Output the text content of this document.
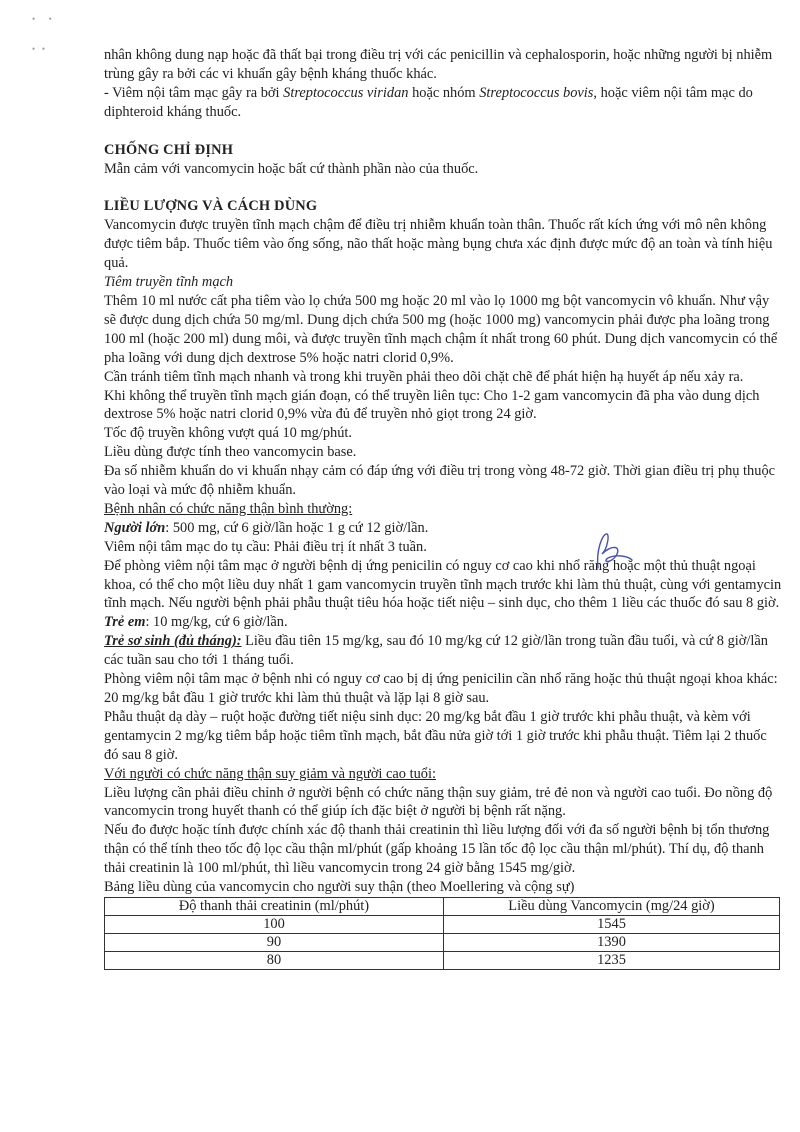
•      •
•   •	nhân không dung nạp hoặc đã thất bại trong điều trị với các penicillin và cephalosporin, hoặc những người bị nhiễm trùng gây ra bởi các vi khuẩn gây bệnh kháng thuốc khác.

- Viêm nội tâm mạc gây ra bởi Streptococcus viridan hoặc nhóm Streptococcus bovis, hoặc viêm nội tâm mạc do diphteroid kháng thuốc.

CHỐNG CHỈ ĐỊNH

Mẫn cảm với vancomycin hoặc bất cứ thành phần nào của thuốc.

LIỀU LƯỢNG VÀ CÁCH DÙNG

Vancomycin được truyền tĩnh mạch chậm để điều trị nhiễm khuẩn toàn thân. Thuốc rất kích ứng với mô nên không được tiêm bắp. Thuốc tiêm vào ống sống, não thất hoặc màng bụng chưa xác định được mức độ an toàn và tính hiệu quả.

Tiêm truyền tĩnh mạch

Thêm 10 ml nước cất pha tiêm vào lọ chứa 500 mg hoặc 20 ml vào lọ 1000 mg bột vancomycin vô khuẩn. Như vậy sẽ được dung dịch chứa 50 mg/ml. Dung dịch chứa 500 mg (hoặc 1000 mg) vancomycin phải được pha loãng trong 100 ml (hoặc 200 ml) dung môi, và được truyền tĩnh mạch chậm ít nhất trong 60 phút. Dung dịch vancomycin có thể pha loãng với dung dịch dextrose 5% hoặc natri clorid 0,9%.

Cần tránh tiêm tĩnh mạch nhanh và trong khi truyền phải theo dõi chặt chẽ để phát hiện hạ huyết áp nếu xảy ra.

Khi không thể truyền tĩnh mạch gián đoạn, có thể truyền liên tục: Cho 1-2 gam vancomycin đã pha vào dung dịch dextrose 5% hoặc natri clorid 0,9% vừa đủ để truyền nhỏ giọt trong 24 giờ.

Tốc độ truyền không vượt quá 10 mg/phút.

Liều dùng được tính theo vancomycin base.

Đa số nhiễm khuẩn do vi khuẩn nhạy cảm có đáp ứng với điều trị trong vòng 48-72 giờ. Thời gian điều trị phụ thuộc vào loại và mức độ nhiễm khuẩn.

Bệnh nhân có chức năng thận bình thường:

Người lớn: 500 mg, cứ 6 giờ/lần hoặc 1 g cứ 12 giờ/lần.

Viêm nội tâm mạc do tụ cầu: Phải điều trị ít nhất 3 tuần.

Để phòng viêm nội tâm mạc ở người bệnh dị ứng penicilin có nguy cơ cao khi nhổ răng hoặc một thủ thuật ngoại khoa, có thể cho một liều duy nhất 1 gam vancomycin truyền tĩnh mạch trước khi làm thủ thuật, cùng với gentamycin tĩnh mạch. Nếu người bệnh phải phẫu thuật tiêu hóa hoặc tiết niệu – sinh dục, cho thêm 1 liều các thuốc đó sau 8 giờ.

Trẻ em: 10 mg/kg, cứ 6 giờ/lần.

Trẻ sơ sinh (đủ tháng): Liều đầu tiên 15 mg/kg, sau đó 10 mg/kg cứ 12 giờ/lần trong tuần đầu tuổi, và cứ 8 giờ/lần các tuần sau cho tới 1 tháng tuổi.

Phòng viêm nội tâm mạc ở bệnh nhi có nguy cơ cao bị dị ứng penicilin cần nhổ răng hoặc thủ thuật ngoại khoa khác: 20 mg/kg bắt đầu 1 giờ trước khi làm thủ thuật và lặp lại 8 giờ sau.

Phẫu thuật dạ dày – ruột hoặc đường tiết niệu sinh dục: 20 mg/kg bắt đầu 1 giờ trước khi phẫu thuật, và kèm với gentamycin 2 mg/kg tiêm bắp hoặc tiêm tĩnh mạch, bắt đầu nửa giờ tới 1 giờ trước khi phẫu thuật. Tiêm lại 2 thuốc đó sau 8 giờ.

Với người có chức năng thận suy giảm và người cao tuổi:

Liều lượng cần phải điều chỉnh ở người bệnh có chức năng thận suy giảm, trẻ đẻ non và người cao tuổi. Đo nồng độ vancomycin trong huyết thanh có thể giúp ích đặc biệt ở người bị bệnh rất nặng.

Nếu đo được hoặc tính được chính xác độ thanh thải creatinin thì liều lượng đối với đa số người bệnh bị tổn thương thận có thể tính theo tốc độ lọc cầu thận ml/phút (gấp khoảng 15 lần tốc độ lọc cầu thận ml/phút). Thí dụ, độ thanh thải creatinin là 100 ml/phút, thì liều vancomycin trong 24 giờ bằng 1545 mg/giờ.

Bảng liều dùng của vancomycin cho người suy thận (theo Moellering và cộng sự)

Độ thanh thải creatinin (ml/phút)	Liều dùng Vancomycin (mg/24 giờ)
100	1545
90	1390
80	1235
